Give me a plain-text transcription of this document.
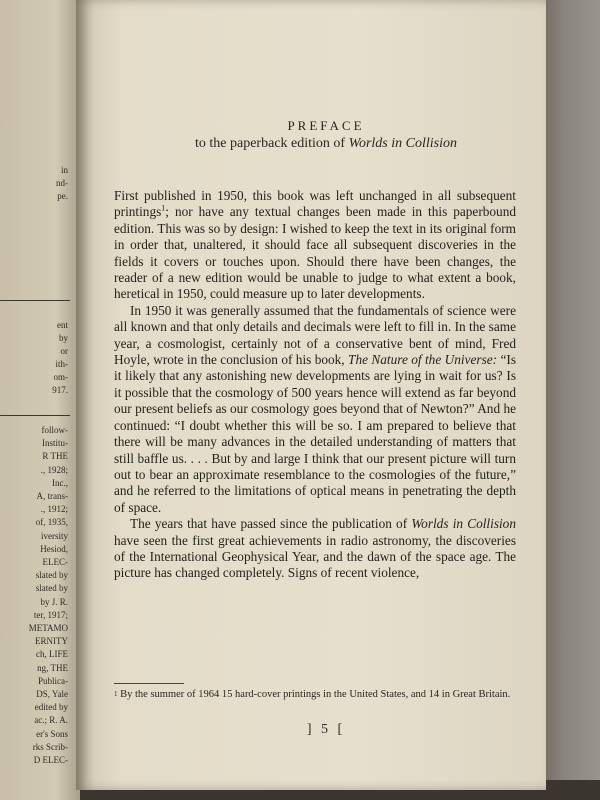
in
nd-
pe.
ent
by
or
ith-
om-
917.
follow-
Institu-
R THE
., 1928;
Inc.,
A, trans-
., 1912;
of, 1935,
iversity
Hesiod,
ELEC-
slated by
slated by
by J. R.
ter, 1917;
METAMO
ERNITY
ch, LIFE
ng, THE
Publica-
DS, Yale
edited by
ac.; R. A.
er's Sons
rks Scrib-
D ELEC-
PREFACE
to the paperback edition of Worlds in Collision

First published in 1950, this book was left unchanged in all subsequent printings$^1$; nor have any textual changes been made in this paperbound edition. This was so by design: I wished to keep the text in its original form in order that, unaltered, it should face all subsequent discoveries in the fields it covers or touches upon. Should there have been changes, the reader of a new edition would be unable to judge to what extent a book, heretical in 1950, could measure up to later developments.

In 1950 it was generally assumed that the fundamentals of science were all known and that only details and decimals were left to fill in. In the same year, a cosmologist, certainly not of a conservative bent of mind, Fred Hoyle, wrote in the conclusion of his book, The Nature of the Universe: “Is it likely that any astonishing new developments are lying in wait for us? Is it possible that the cosmology of 500 years hence will extend as far beyond our present beliefs as our cosmology goes beyond that of Newton?” And he continued: “I doubt whether this will be so. I am prepared to believe that there will be many advances in the detailed understanding of matters that still baffle us. . . . But by and large I think that our present picture will turn out to bear an approximate resemblance to the cosmologies of the future,” and he referred to the limitations of optical means in penetrating the depth of space.

The years that have passed since the publication of Worlds in Collision have seen the first great achievements in radio astronomy, the discoveries of the International Geophysical Year, and the dawn of the space age. The picture has changed completely. Signs of recent violence,

$^1$ By the summer of 1964 15 hard-cover printings in the United States, and 14 in Great Britain.
] 5 [
